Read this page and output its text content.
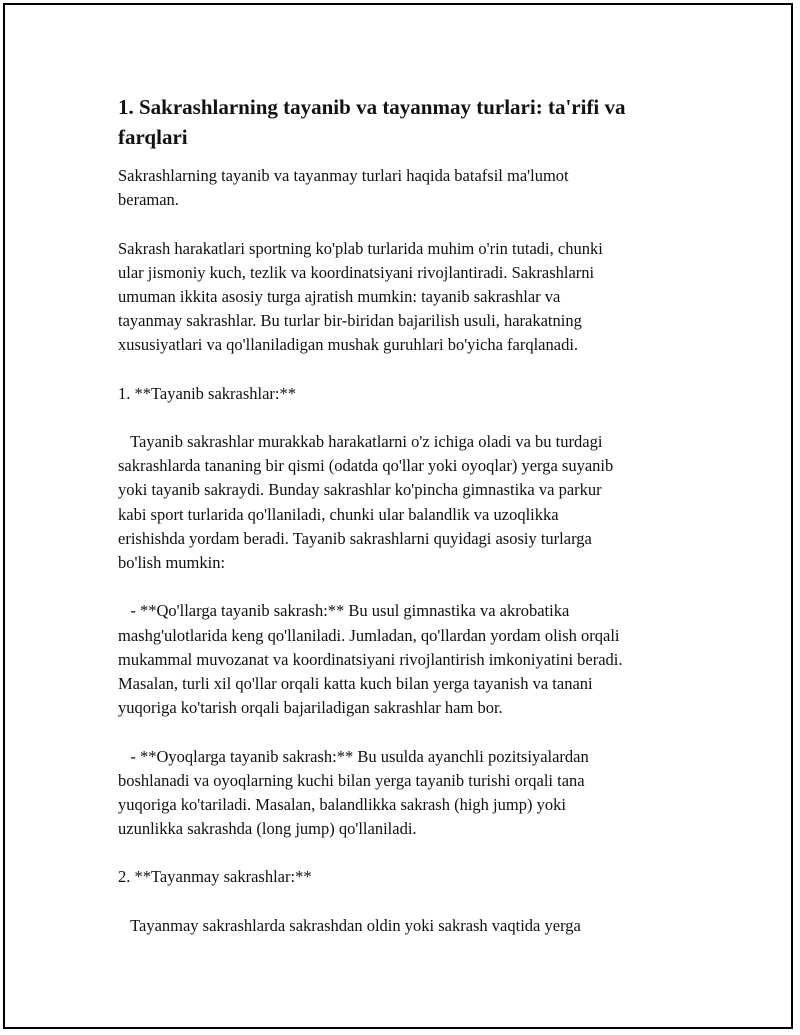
1. Sakrashlarning tayanib va tayanmay turlari: ta'rifi va farqlari
Sakrashlarning tayanib va tayanmay turlari haqida batafsil ma'lumot
beraman.
Sakrash harakatlari sportning ko'plab turlarida muhim o'rin tutadi, chunki
ular jismoniy kuch, tezlik va koordinatsiyani rivojlantiradi. Sakrashlarni
umuman ikkita asosiy turga ajratish mumkin: tayanib sakrashlar va
tayanmay sakrashlar. Bu turlar bir-biridan bajarilish usuli, harakatning
xususiyatlari va qo'llaniladigan mushak guruhlari bo'yicha farqlanadi.
1. **Tayanib sakrashlar:**
Tayanib sakrashlar murakkab harakatlarni o'z ichiga oladi va bu turdagi
sakrashlarda tananing bir qismi (odatda qo'llar yoki oyoqlar) yerga suyanib
yoki tayanib sakraydi. Bunday sakrashlar ko'pincha gimnastika va parkur
kabi sport turlarida qo'llaniladi, chunki ular balandlik va uzoqlikka
erishishda yordam beradi. Tayanib sakrashlarni quyidagi asosiy turlarga
bo'lish mumkin:
- **Qo'llarga tayanib sakrash:** Bu usul gimnastika va akrobatika
mashg'ulotlarida keng qo'llaniladi. Jumladan, qo'llardan yordam olish orqali
mukammal muvozanat va koordinatsiyani rivojlantirish imkoniyatini beradi.
Masalan, turli xil qo'llar orqali katta kuch bilan yerga tayanish va tanani
yuqoriga ko'tarish orqali bajariladigan sakrashlar ham bor.
- **Oyoqlarga tayanib sakrash:** Bu usulda ayanchli pozitsiyalardan
boshlanadi va oyoqlarning kuchi bilan yerga tayanib turishi orqali tana
yuqoriga ko'tariladi. Masalan, balandlikka sakrash (high jump) yoki
uzunlikka sakrashda (long jump) qo'llaniladi.
2. **Tayanmay sakrashlar:**
Tayanmay sakrashlarda sakrashdan oldin yoki sakrash vaqtida yerga
